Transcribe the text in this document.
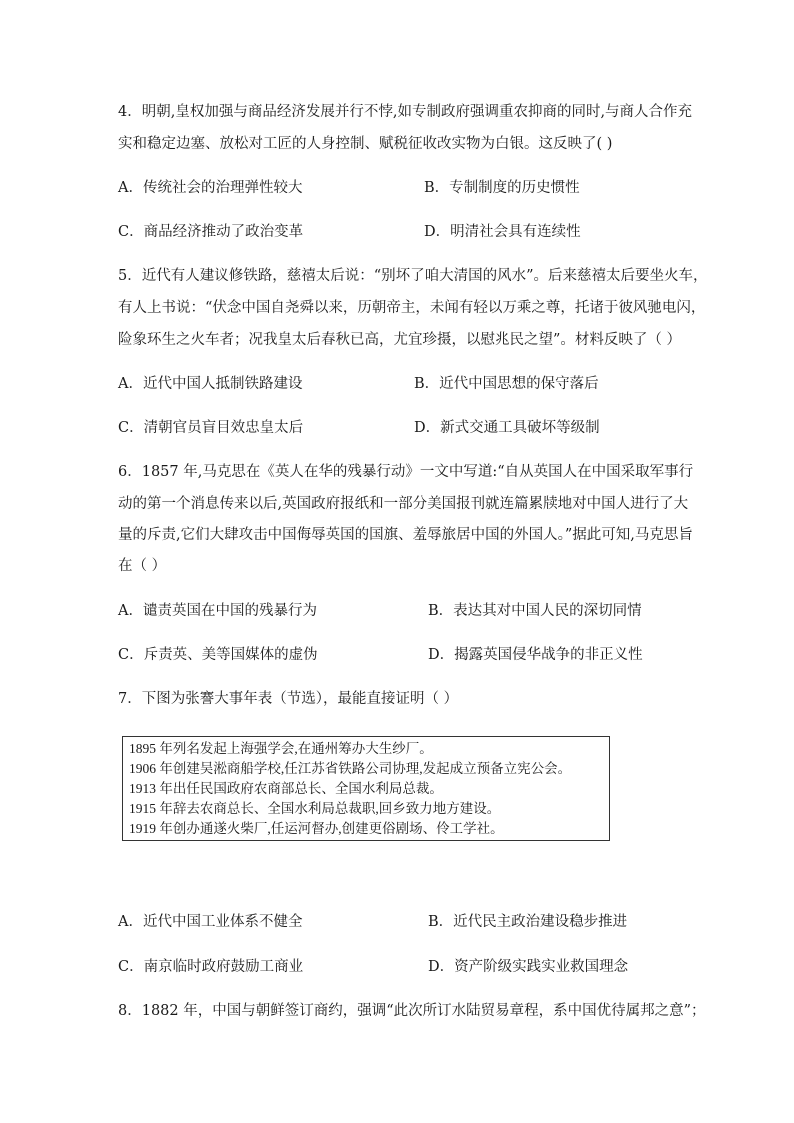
4．明朝,皇权加强与商品经济发展并行不悖,如专制政府强调重农抑商的同时,与商人合作充
实和稳定边塞、放松对工匠的人身控制、赋税征收改实物为白银。这反映了( )
A．传统社会的治理弹性较大	B．专制制度的历史惯性
C．商品经济推动了政治变革	D．明清社会具有连续性
5．近代有人建议修铁路，慈禧太后说：“别坏了咱大清国的风水”。后来慈禧太后要坐火车，
有人上书说：“伏念中国自尧舜以来，历朝帝主，未闻有轻以万乘之尊，托诸于彼风驰电闪，
险象环生之火车者；况我皇太后春秋已高，尤宜珍摄，以慰兆民之望”。材料反映了（ ）
A．近代中国人抵制铁路建设	B．近代中国思想的保守落后
C．清朝官员盲目效忠皇太后	D．新式交通工具破坏等级制
6．1857 年,马克思在《英人在华的残暴行动》一文中写道:“自从英国人在中国采取军事行
动的第一个消息传来以后,英国政府报纸和一部分美国报刊就连篇累牍地对中国人进行了大
量的斥责,它们大肆攻击中国侮辱英国的国旗、羞辱旅居中国的外国人。”据此可知,马克思旨
在（ ）
A．谴责英国在中国的残暴行为	B．表达其对中国人民的深切同情
C．斥责英、美等国媒体的虚伪	D．揭露英国侵华战争的非正义性
7．下图为张謇大事年表（节选），最能直接证明（ ）
1895 年列名发起上海强学会,在通州筹办大生纱厂。
1906 年创建吴淞商船学校,任江苏省铁路公司协理,发起成立预备立宪公会。
1913 年出任民国政府农商部总长、全国水利局总裁。
1915 年辞去农商总长、全国水利局总裁职,回乡致力地方建设。
1919 年创办通遂火柴厂,任运河督办,创建更俗剧场、伶工学社。
A．近代中国工业体系不健全	B．近代民主政治建设稳步推进
C．南京临时政府鼓励工商业	D．资产阶级实践实业救国理念
8．1882 年，中国与朝鲜签订商约，强调“此次所订水陆贸易章程，系中国优待属邦之意”；
